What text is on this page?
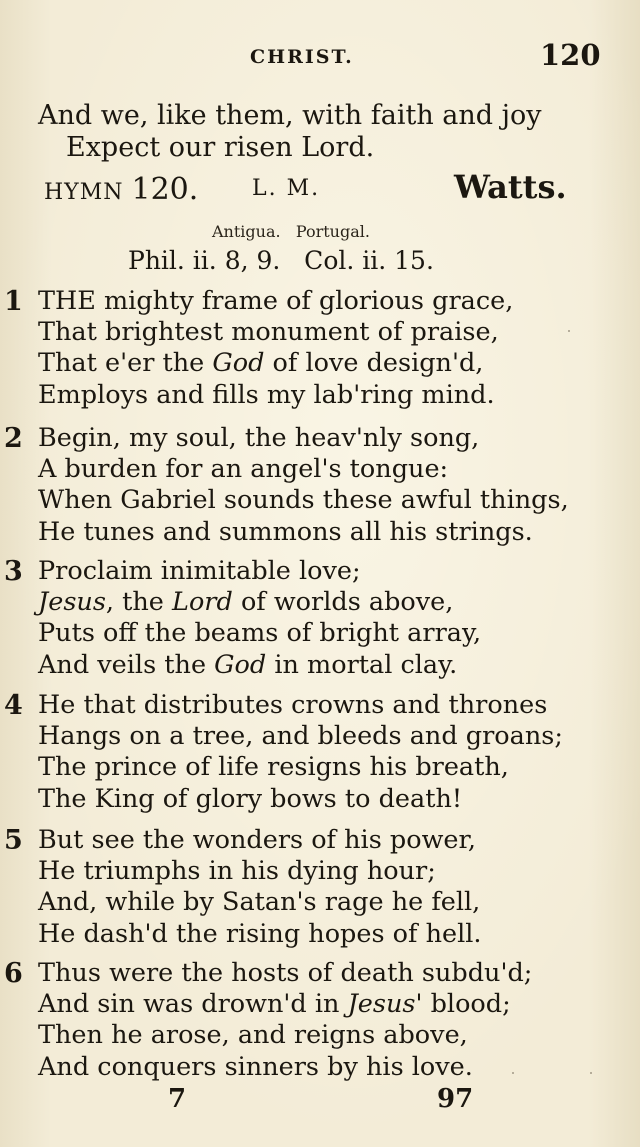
CHRIST.	120
And we, like them, with faith and joy
Expect our risen Lord.
HYMN 120. L. M.	Watts.
Antigua.   Portugal.
Phil. ii. 8, 9.   Col. ii. 15.
1 THE mighty frame of glorious grace,
That brightest monument of praise,
That e'er the God of love design'd,
Employs and fills my lab'ring mind.
2 Begin, my soul, the heav'nly song,
A burden for an angel's tongue:
When Gabriel sounds these awful things,
He tunes and summons all his strings.
3 Proclaim inimitable love;
Jesus, the Lord of worlds above,
Puts off the beams of bright array,
And veils the God in mortal clay.
4 He that distributes crowns and thrones
Hangs on a tree, and bleeds and groans;
The prince of life resigns his breath,
The King of glory bows to death!
5 But see the wonders of his power,
He triumphs in his dying hour;
And, while by Satan's rage he fell,
He dash'd the rising hopes of hell.
6 Thus were the hosts of death subdu'd;
And sin was drown'd in Jesus' blood;
Then he arose, and reigns above,
And conquers sinners by his love.
7	97
